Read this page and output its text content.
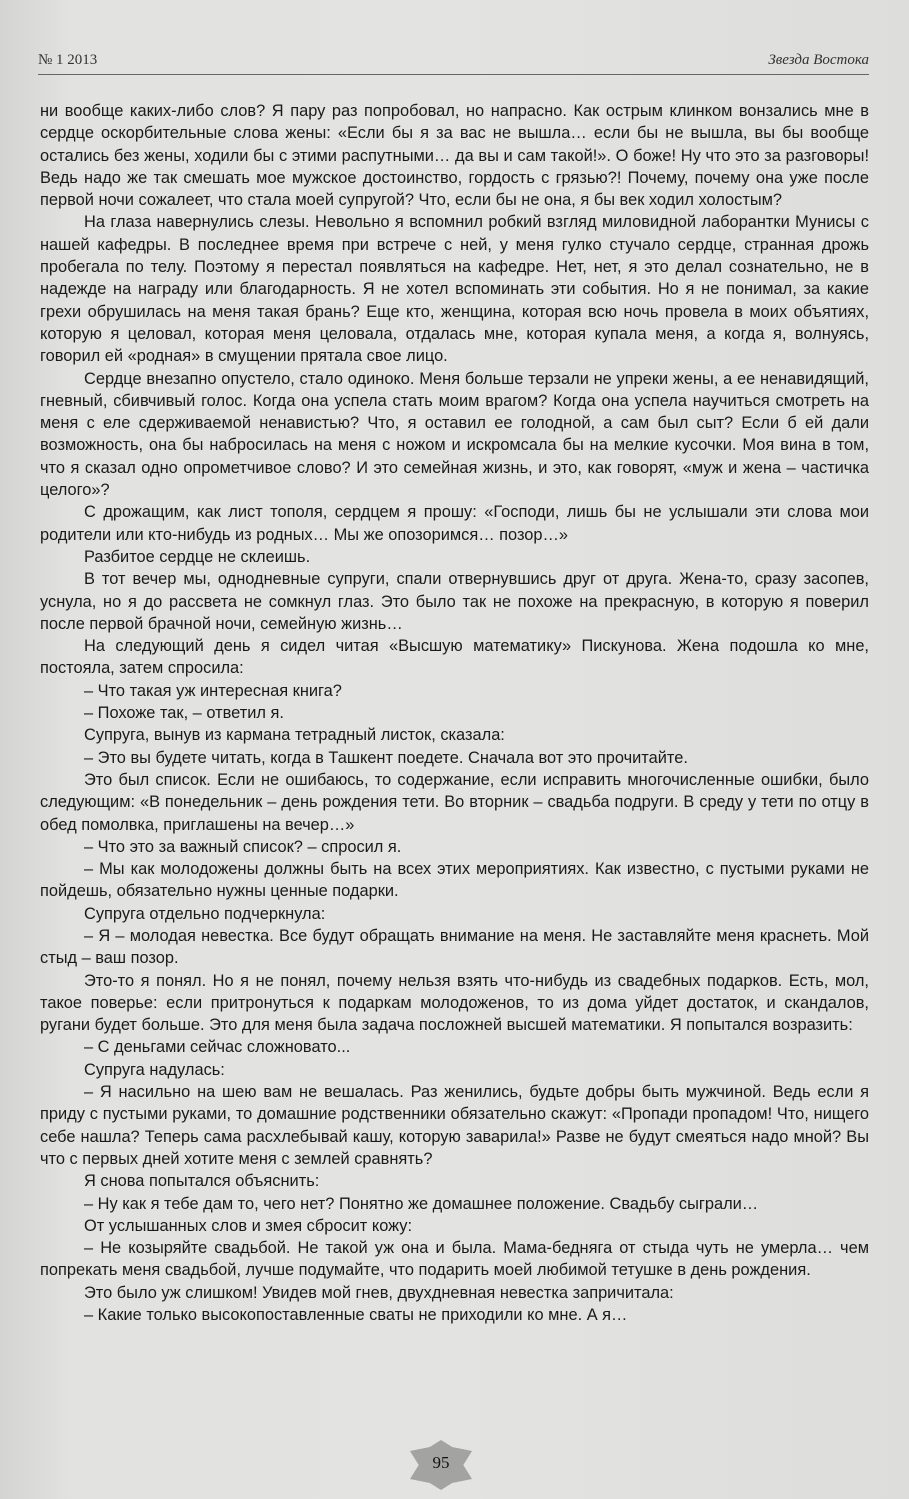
№ 1 2013	Звезда Востока

ни вообще каких-либо слов? Я пару раз попробовал, но напрасно. Как острым клинком вонзались мне в сердце оскорбительные слова жены: «Если бы я за вас не вышла… если бы не вышла, вы бы вообще остались без жены, ходили бы с этими распутными… да вы и сам такой!». О боже! Ну что это за разговоры! Ведь надо же так смешать мое мужское достоинство, гордость с грязью?! Почему, почему она уже после первой ночи сожалеет, что стала моей супругой? Что, если бы не она, я бы век ходил холостым?

На глаза навернулись слезы. Невольно я вспомнил робкий взгляд миловидной лаборантки Мунисы с нашей кафедры. В последнее время при встрече с ней, у меня гулко стучало сердце, странная дрожь пробегала по телу. Поэтому я перестал появляться на кафедре. Нет, нет, я это делал сознательно, не в надежде на награду или благодарность. Я не хотел вспоминать эти события. Но я не понимал, за какие грехи обрушилась на меня такая брань? Еще кто, женщина, которая всю ночь провела в моих объятиях, которую я целовал, которая меня целовала, отдалась мне, которая купала меня, а когда я, волнуясь, говорил ей «родная» в смущении прятала свое лицо.

Сердце внезапно опустело, стало одиноко. Меня больше терзали не упреки жены, а ее ненавидящий, гневный, сбивчивый голос. Когда она успела стать моим врагом? Когда она успела научиться смотреть на меня с еле сдерживаемой ненавистью? Что, я оставил ее голодной, а сам был сыт? Если б ей дали возможность, она бы набросилась на меня с ножом и искромсала бы на мелкие кусочки. Моя вина в том, что я сказал одно опрометчивое слово? И это семейная жизнь, и это, как говорят, «муж и жена – частичка целого»?

С дрожащим, как лист тополя, сердцем я прошу: «Господи, лишь бы не услышали эти слова мои родители или кто-нибудь из родных… Мы же опозоримся… позор…»

Разбитое сердце не склеишь.

В тот вечер мы, однодневные супруги, спали отвернувшись друг от друга. Жена-то, сразу засопев, уснула, но я до рассвета не сомкнул глаз. Это было так не похоже на прекрасную, в которую я поверил после первой брачной ночи, семейную жизнь…

На следующий день я сидел читая «Высшую математику» Пискунова. Жена подошла ко мне, постояла, затем спросила:

– Что такая уж интересная книга?

– Похоже так, – ответил я.

Супруга, вынув из кармана тетрадный листок, сказала:

– Это вы будете читать, когда в Ташкент поедете. Сначала вот это прочитайте.

Это был список. Если не ошибаюсь, то содержание, если исправить многочисленные ошибки, было следующим: «В понедельник – день рождения тети. Во вторник – свадьба подруги. В среду у тети по отцу в обед помолвка, приглашены на вечер…»

– Что это за важный список? – спросил я.

– Мы как молодожены должны быть на всех этих мероприятиях. Как известно, с пустыми руками не пойдешь, обязательно нужны ценные подарки.

Супруга отдельно подчеркнула:

– Я – молодая невестка. Все будут обращать внимание на меня. Не заставляйте меня краснеть. Мой стыд – ваш позор.

Это-то я понял. Но я не понял, почему нельзя взять что-нибудь из свадебных подарков. Есть, мол, такое поверье: если притронуться к подаркам молодоженов, то из дома уйдет достаток, и скандалов, ругани будет больше. Это для меня была задача посложней высшей математики. Я попытался возразить:

– С деньгами сейчас сложновато...

Супруга надулась:

– Я насильно на шею вам не вешалась. Раз женились, будьте добры быть мужчиной. Ведь если я приду с пустыми руками, то домашние родственники обязательно скажут: «Пропади пропадом! Что, нищего себе нашла? Теперь сама расхлебывай кашу, которую заварила!» Разве не будут смеяться надо мной? Вы что с первых дней хотите меня с землей сравнять?

Я снова попытался объяснить:

– Ну как я тебе дам то, чего нет? Понятно же домашнее положение. Свадьбу сыграли…

От услышанных слов и змея сбросит кожу:

– Не козыряйте свадьбой. Не такой уж она и была. Мама-бедняга от стыда чуть не умерла… чем попрекать меня свадьбой, лучше подумайте, что подарить моей любимой тетушке в день рождения.

Это было уж слишком! Увидев мой гнев, двухдневная невестка запричитала:

– Какие только высокопоставленные сваты не приходили ко мне. А я…

95
